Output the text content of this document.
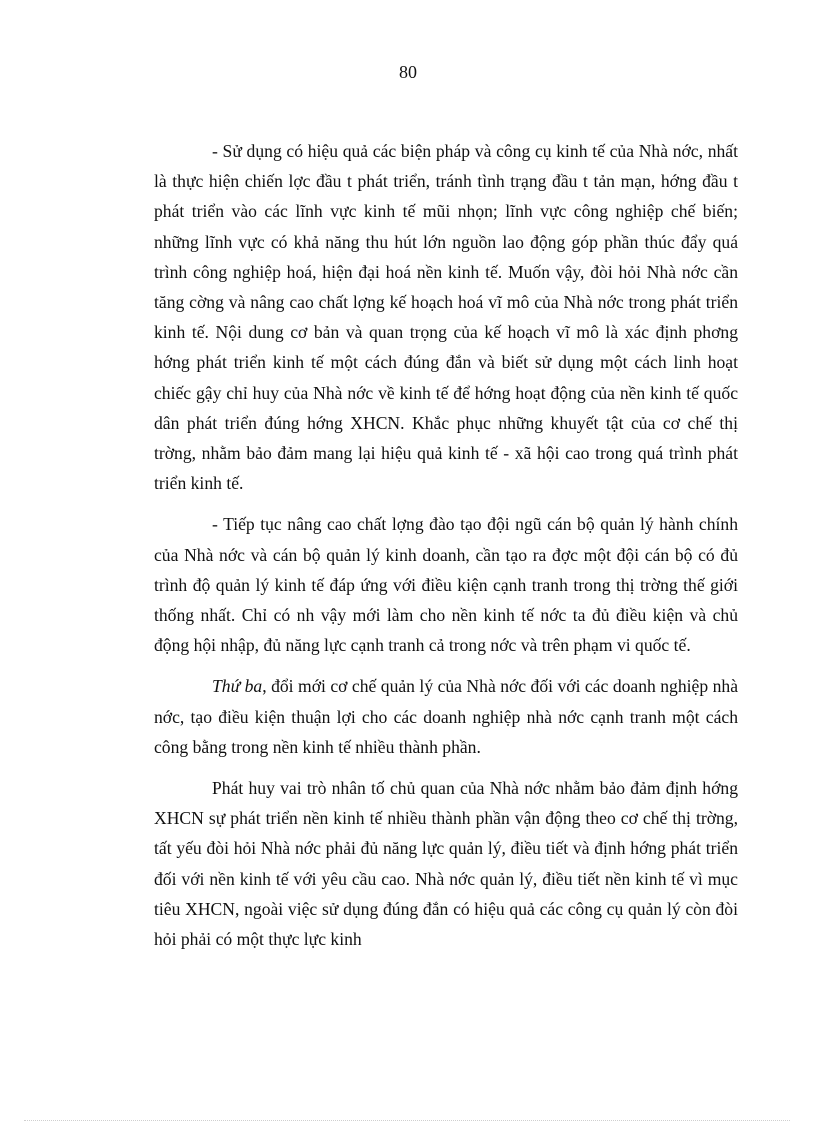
80

- Sử dụng có hiệu quả các biện pháp và công cụ kinh tế của Nhà nớc, nhất là thực hiện chiến lợc đầu t phát triển, tránh tình trạng đầu t tản mạn, hớng đầu t phát triển vào các lĩnh vực kinh tế mũi nhọn; lĩnh vực công nghiệp chế biến; những lĩnh vực có khả năng thu hút lớn nguồn lao động góp phần thúc đẩy quá trình công nghiệp hoá, hiện đại hoá nền kinh tế. Muốn vậy, đòi hỏi Nhà nớc cần tăng cờng và nâng cao chất lợng kế hoạch hoá vĩ mô của Nhà nớc trong phát triển kinh tế. Nội dung cơ bản và quan trọng của kế hoạch vĩ mô là xác định phơng hớng phát triển kinh tế một cách đúng đắn và biết sử dụng một cách linh hoạt chiếc gậy chỉ huy của Nhà nớc về kinh tế để hớng hoạt động của nền kinh tế quốc dân phát triển đúng hớng XHCN. Khắc phục những khuyết tật của cơ chế thị trờng, nhằm bảo đảm mang lại hiệu quả kinh tế - xã hội cao trong quá trình phát triển kinh tế.

- Tiếp tục nâng cao chất lợng đào tạo đội ngũ cán bộ quản lý hành chính của Nhà nớc và cán bộ quản lý kinh doanh, cần tạo ra đợc một đội cán bộ có đủ trình độ quản lý kinh tế đáp ứng với điều kiện cạnh tranh trong thị trờng thế giới thống nhất. Chỉ có nh vậy mới làm cho nền kinh tế nớc ta đủ điều kiện và chủ động hội nhập, đủ năng lực cạnh tranh cả trong nớc và trên phạm vi quốc tế.

Thứ ba, đổi mới cơ chế quản lý của Nhà nớc đối với các doanh nghiệp nhà nớc, tạo điều kiện thuận lợi cho các doanh nghiệp nhà nớc cạnh tranh một cách công bằng trong nền kinh tế nhiều thành phần.

Phát huy vai trò nhân tố chủ quan của Nhà nớc nhằm bảo đảm định hớng XHCN sự phát triển nền kinh tế nhiều thành phần vận động theo cơ chế thị trờng, tất yếu đòi hỏi Nhà nớc phải đủ năng lực quản lý, điều tiết và định hớng phát triển đối với nền kinh tế với yêu cầu cao. Nhà nớc quản lý, điều tiết nền kinh tế vì mục tiêu XHCN, ngoài việc sử dụng đúng đắn có hiệu quả các công cụ quản lý còn đòi hỏi phải có một thực lực kinh
